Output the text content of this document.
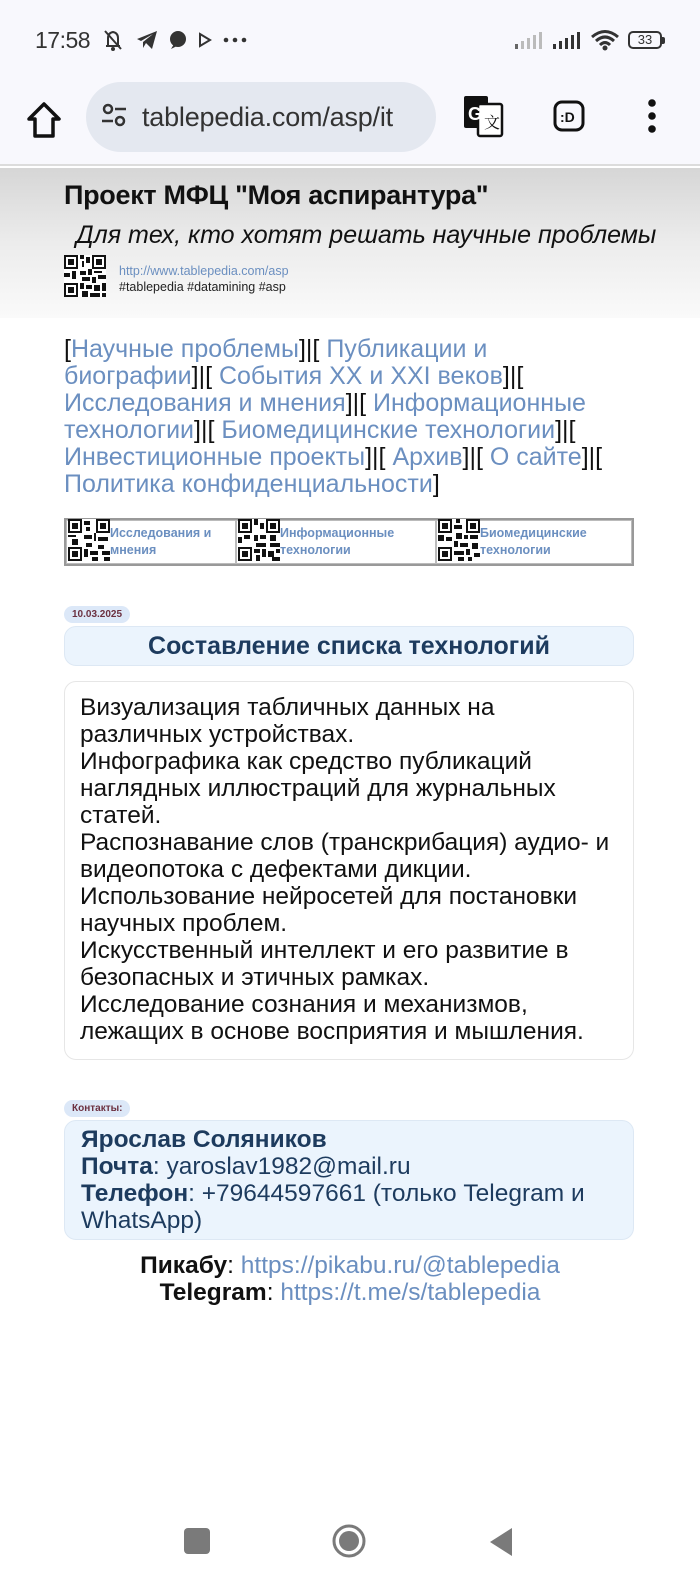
17:58	33
tablepedia.com/asp/it	G 文	:D
Проект МФЦ "Моя аспирантура"
Для тех, кто хотят решать научные проблемы
http://www.tablepedia.com/asp
#tablepedia #datamining #asp
[Научные проблемы]|[ Публикации и биографии]|[ События XX и XXI веков]|[ Исследования и мнения]|[ Информационные технологии]|[ Биомедицинские технологии]|[ Инвестиционные проекты]|[ Архив]|[ О сайте]|[ Политика конфиденциальности]
Исследования и мнения
Информационные технологии
Биомедицинские технологии
10.03.2025
Составление списка технологий
Визуализация табличных данных на различных устройствах.
Инфографика как средство публикаций наглядных иллюстраций для журнальных статей.
Распознавание слов (транскрибация) аудио- и видеопотока с дефектами дикции.
Использование нейросетей для постановки научных проблем.
Искусственный интеллект и его развитие в безопасных и этичных рамках.
Исследование сознания и механизмов, лежащих в основе восприятия и мышления.
Контакты:
Ярослав Соляников
Почта: yaroslav1982@mail.ru
Телефон: +79644597661 (только Telegram и WhatsApp)
Пикабу: https://pikabu.ru/@tablepedia
Telegram: https://t.me/s/tablepedia
